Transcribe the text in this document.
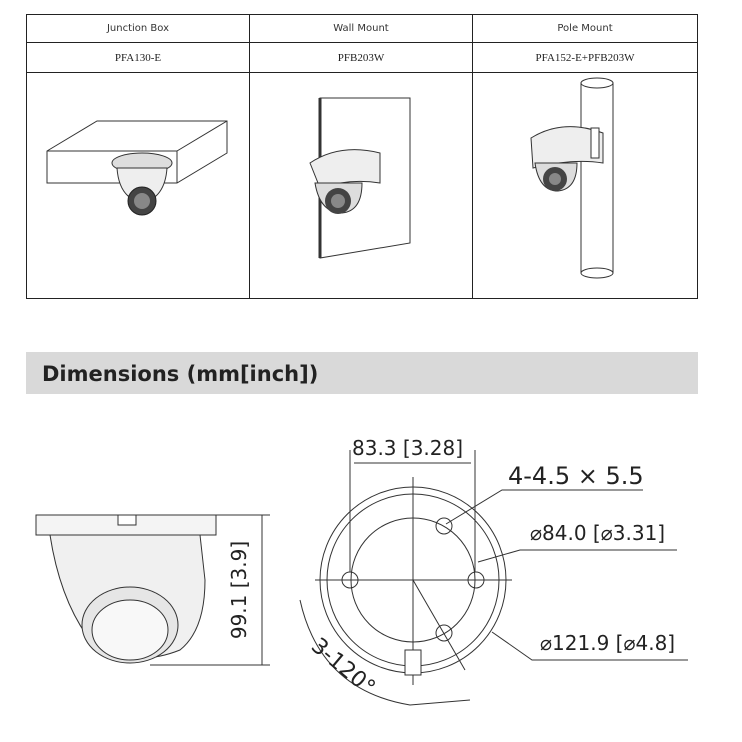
Junction Box	Wall Mount	Pole Mount
PFA130-E	PFB203W	PFA152-E+PFB203W

Dimensions (mm[inch])
99.1 [3.9]
83.3 [3.28]
4-4.5 × 5.5
⌀84.0 [⌀3.31]
⌀121.9 [⌀4.8]
3-120°
